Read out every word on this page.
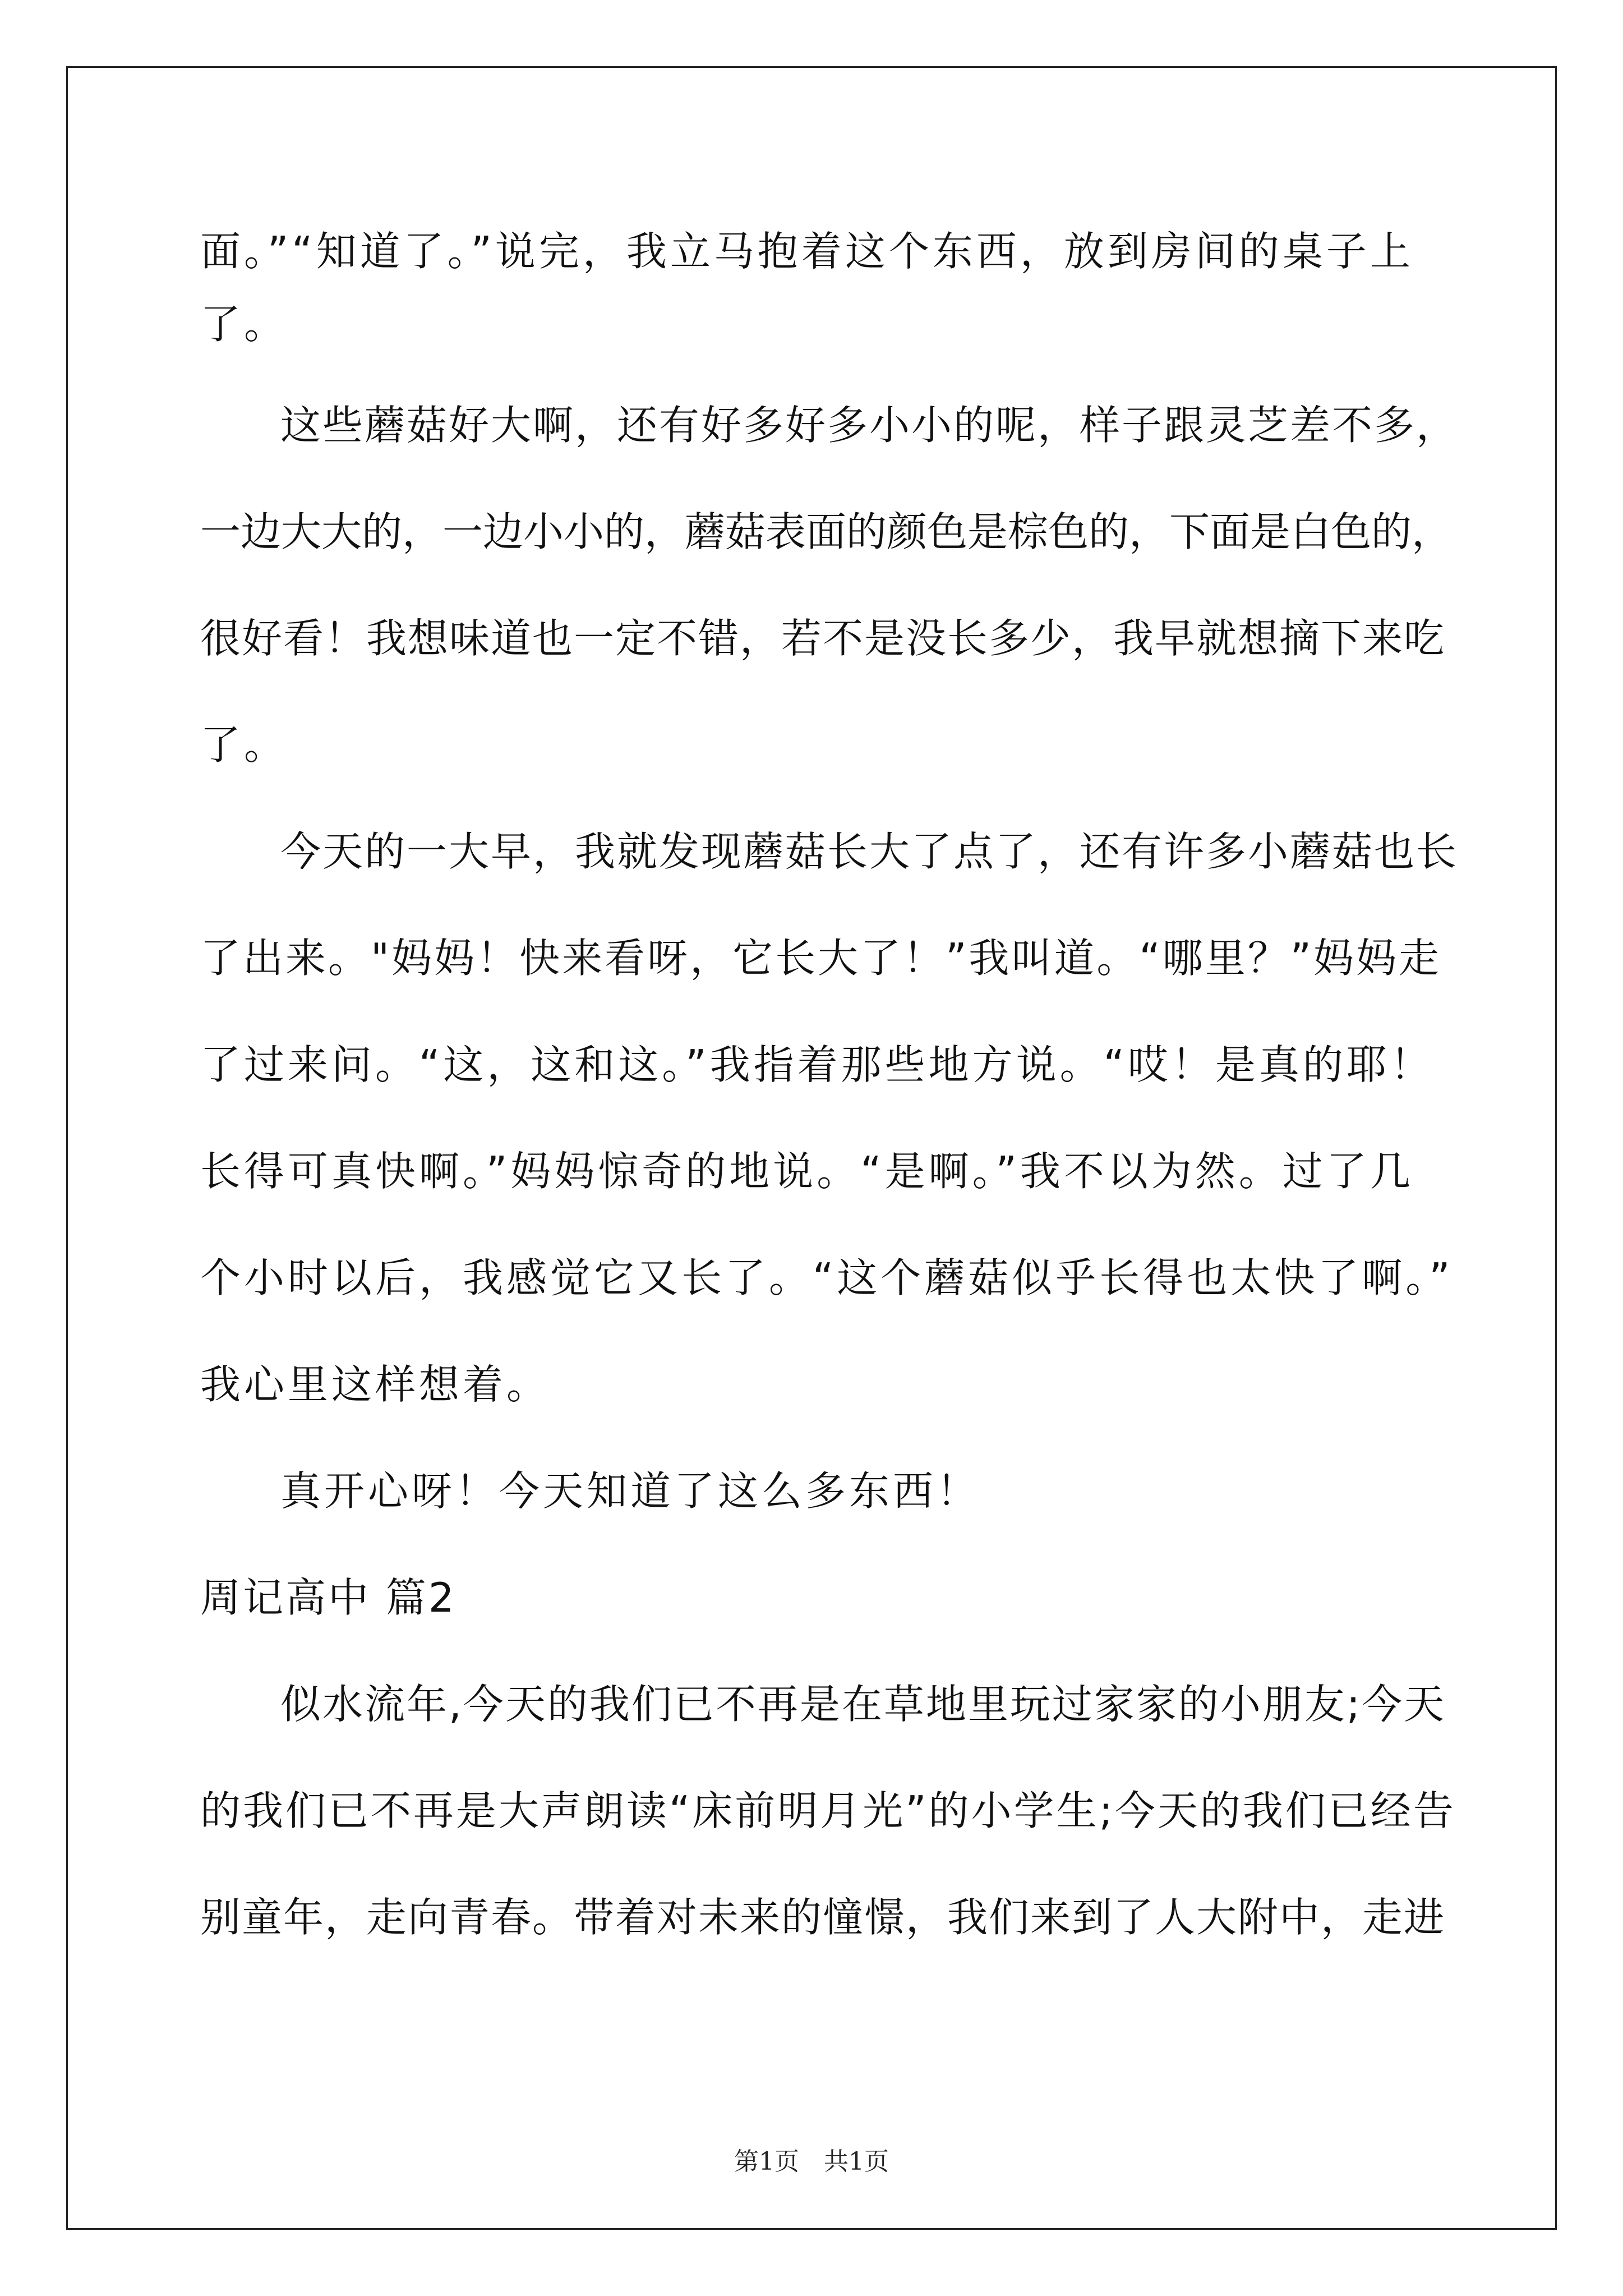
面。”“知道了。”说完，我立马抱着这个东西，放到房间的桌子上
了。
这些蘑菇好大啊，还有好多好多小小的呢，样子跟灵芝差不多，
一边大大的，一边小小的，蘑菇表面的颜色是棕色的，下面是白色的，
很好看！我想味道也一定不错，若不是没长多少，我早就想摘下来吃
了。
今天的一大早，我就发现蘑菇长大了点了，还有许多小蘑菇也长
了出来。"妈妈！快来看呀，它长大了！”我叫道。“哪里？”妈妈走
了过来问。“这，这和这。”我指着那些地方说。“哎！是真的耶！
长得可真快啊。”妈妈惊奇的地说。“是啊。”我不以为然。过了几
个小时以后，我感觉它又长了。“这个蘑菇似乎长得也太快了啊。”
我心里这样想着。
真开心呀！今天知道了这么多东西！
周记高中 篇2
似水流年,今天的我们已不再是在草地里玩过家家的小朋友;今天
的我们已不再是大声朗读“床前明月光”的小学生;今天的我们已经告
别童年，走向青春。带着对未来的憧憬，我们来到了人大附中，走进
第1页　共1页
